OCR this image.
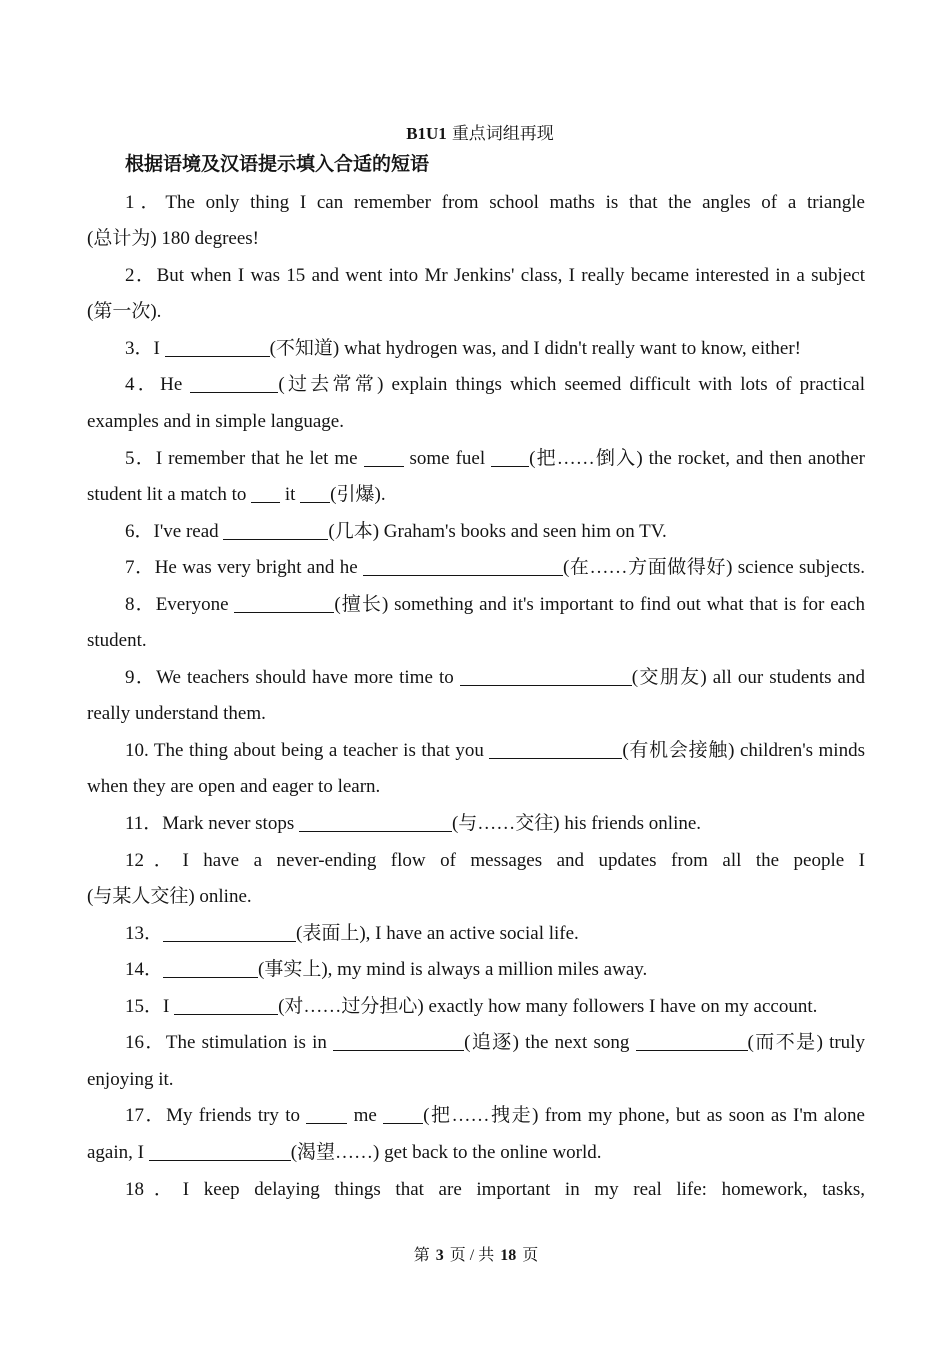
B1U1 重点词组再现
根据语境及汉语提示填入合适的短语
1．The only thing I can remember from school maths is that the angles of a triangle
(总计为) 180 degrees!
2．But when I was 15 and went into Mr Jenkins' class, I really became interested in a subject
(第一次).
3．I	(不知道) what hydrogen was, and I didn't really want to know, either!
4．He	(过去常常) explain things which seemed difficult with lots of practical
examples and in simple language.
5．I remember that he let me  some fuel (把……倒入) the rocket, and then another
student lit a match to  it (引爆).
6．I've read	(几本) Graham's books and seen him on TV.
7．He was very bright and he	(在……方面做得好) science subjects.
8．Everyone	(擅长) something and it's important to find out what that is for each
student.
9．We teachers should have more time to	(交朋友) all our students and
really understand them.
10. The thing about being a teacher is that you	(有机会接触) children's minds
when they are open and eager to learn.
11．Mark never stops	(与……交往) his friends online.
12．I have a never-ending flow of messages and updates from all the people I
(与某人交往) online.
13．	(表面上), I have an active social life.
14．	(事实上), my mind is always a million miles away.
15．I	(对……过分担心) exactly how many followers I have on my account.
16．The stimulation is in	(追逐) the next song	(而不是) truly
enjoying it.
17．My friends try to  me (把……拽走) from my phone, but as soon as I'm alone
again, I	(渴望……) get back to the online world.
18．I keep delaying things that are important in my real life: homework, tasks,
第 3 页 / 共 18 页
